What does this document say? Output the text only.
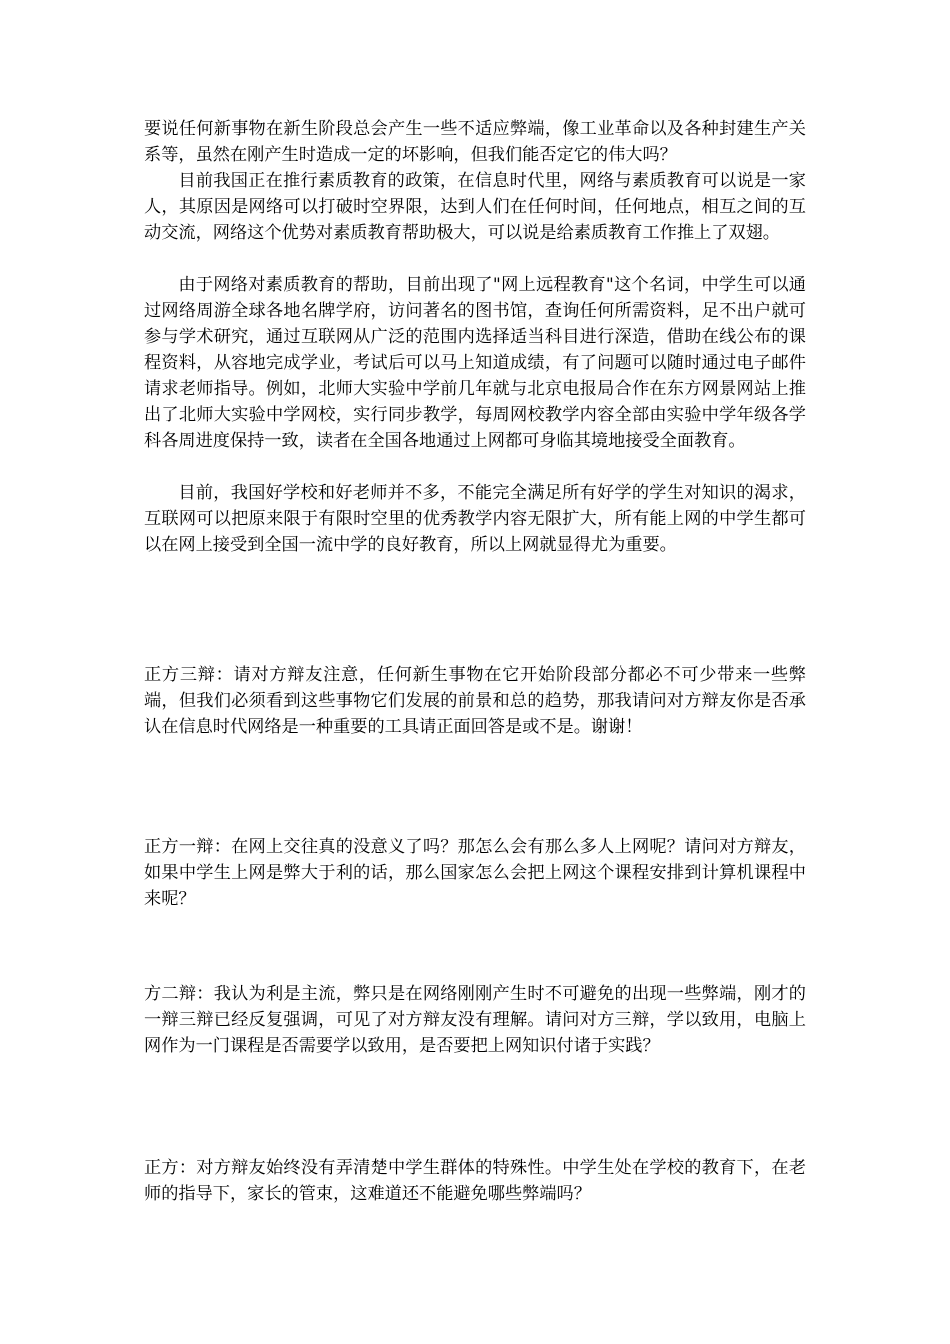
要说任何新事物在新生阶段总会产生一些不适应弊端，像工业革命以及各种封建生产关系等，虽然在刚产生时造成一定的坏影响，但我们能否定它的伟大吗？

目前我国正在推行素质教育的政策，在信息时代里，网络与素质教育可以说是一家人，其原因是网络可以打破时空界限，达到人们在任何时间，任何地点，相互之间的互动交流，网络这个优势对素质教育帮助极大，可以说是给素质教育工作推上了双翅。

由于网络对素质教育的帮助，目前出现了"网上远程教育"这个名词，中学生可以通过网络周游全球各地名牌学府，访问著名的图书馆，查询任何所需资料，足不出户就可参与学术研究，通过互联网从广泛的范围内选择适当科目进行深造，借助在线公布的课程资料，从容地完成学业，考试后可以马上知道成绩，有了问题可以随时通过电子邮件请求老师指导。例如，北师大实验中学前几年就与北京电报局合作在东方网景网站上推出了北师大实验中学网校，实行同步教学，每周网校教学内容全部由实验中学年级各学科各周进度保持一致，读者在全国各地通过上网都可身临其境地接受全面教育。

目前，我国好学校和好老师并不多，不能完全满足所有好学的学生对知识的渴求，互联网可以把原来限于有限时空里的优秀教学内容无限扩大，所有能上网的中学生都可以在网上接受到全国一流中学的良好教育，所以上网就显得尤为重要。

正方三辩：请对方辩友注意，任何新生事物在它开始阶段部分都必不可少带来一些弊端，但我们必须看到这些事物它们发展的前景和总的趋势，那我请问对方辩友你是否承认在信息时代网络是一种重要的工具请正面回答是或不是。谢谢！

正方一辩：在网上交往真的没意义了吗？那怎么会有那么多人上网呢？请问对方辩友，如果中学生上网是弊大于利的话，那么国家怎么会把上网这个课程安排到计算机课程中来呢？

方二辩：我认为利是主流，弊只是在网络刚刚产生时不可避免的出现一些弊端，刚才的一辩三辩已经反复强调，可见了对方辩友没有理解。请问对方三辩，学以致用，电脑上网作为一门课程是否需要学以致用，是否要把上网知识付诸于实践？

正方：对方辩友始终没有弄清楚中学生群体的特殊性。中学生处在学校的教育下，在老师的指导下，家长的管束，这难道还不能避免哪些弊端吗？
